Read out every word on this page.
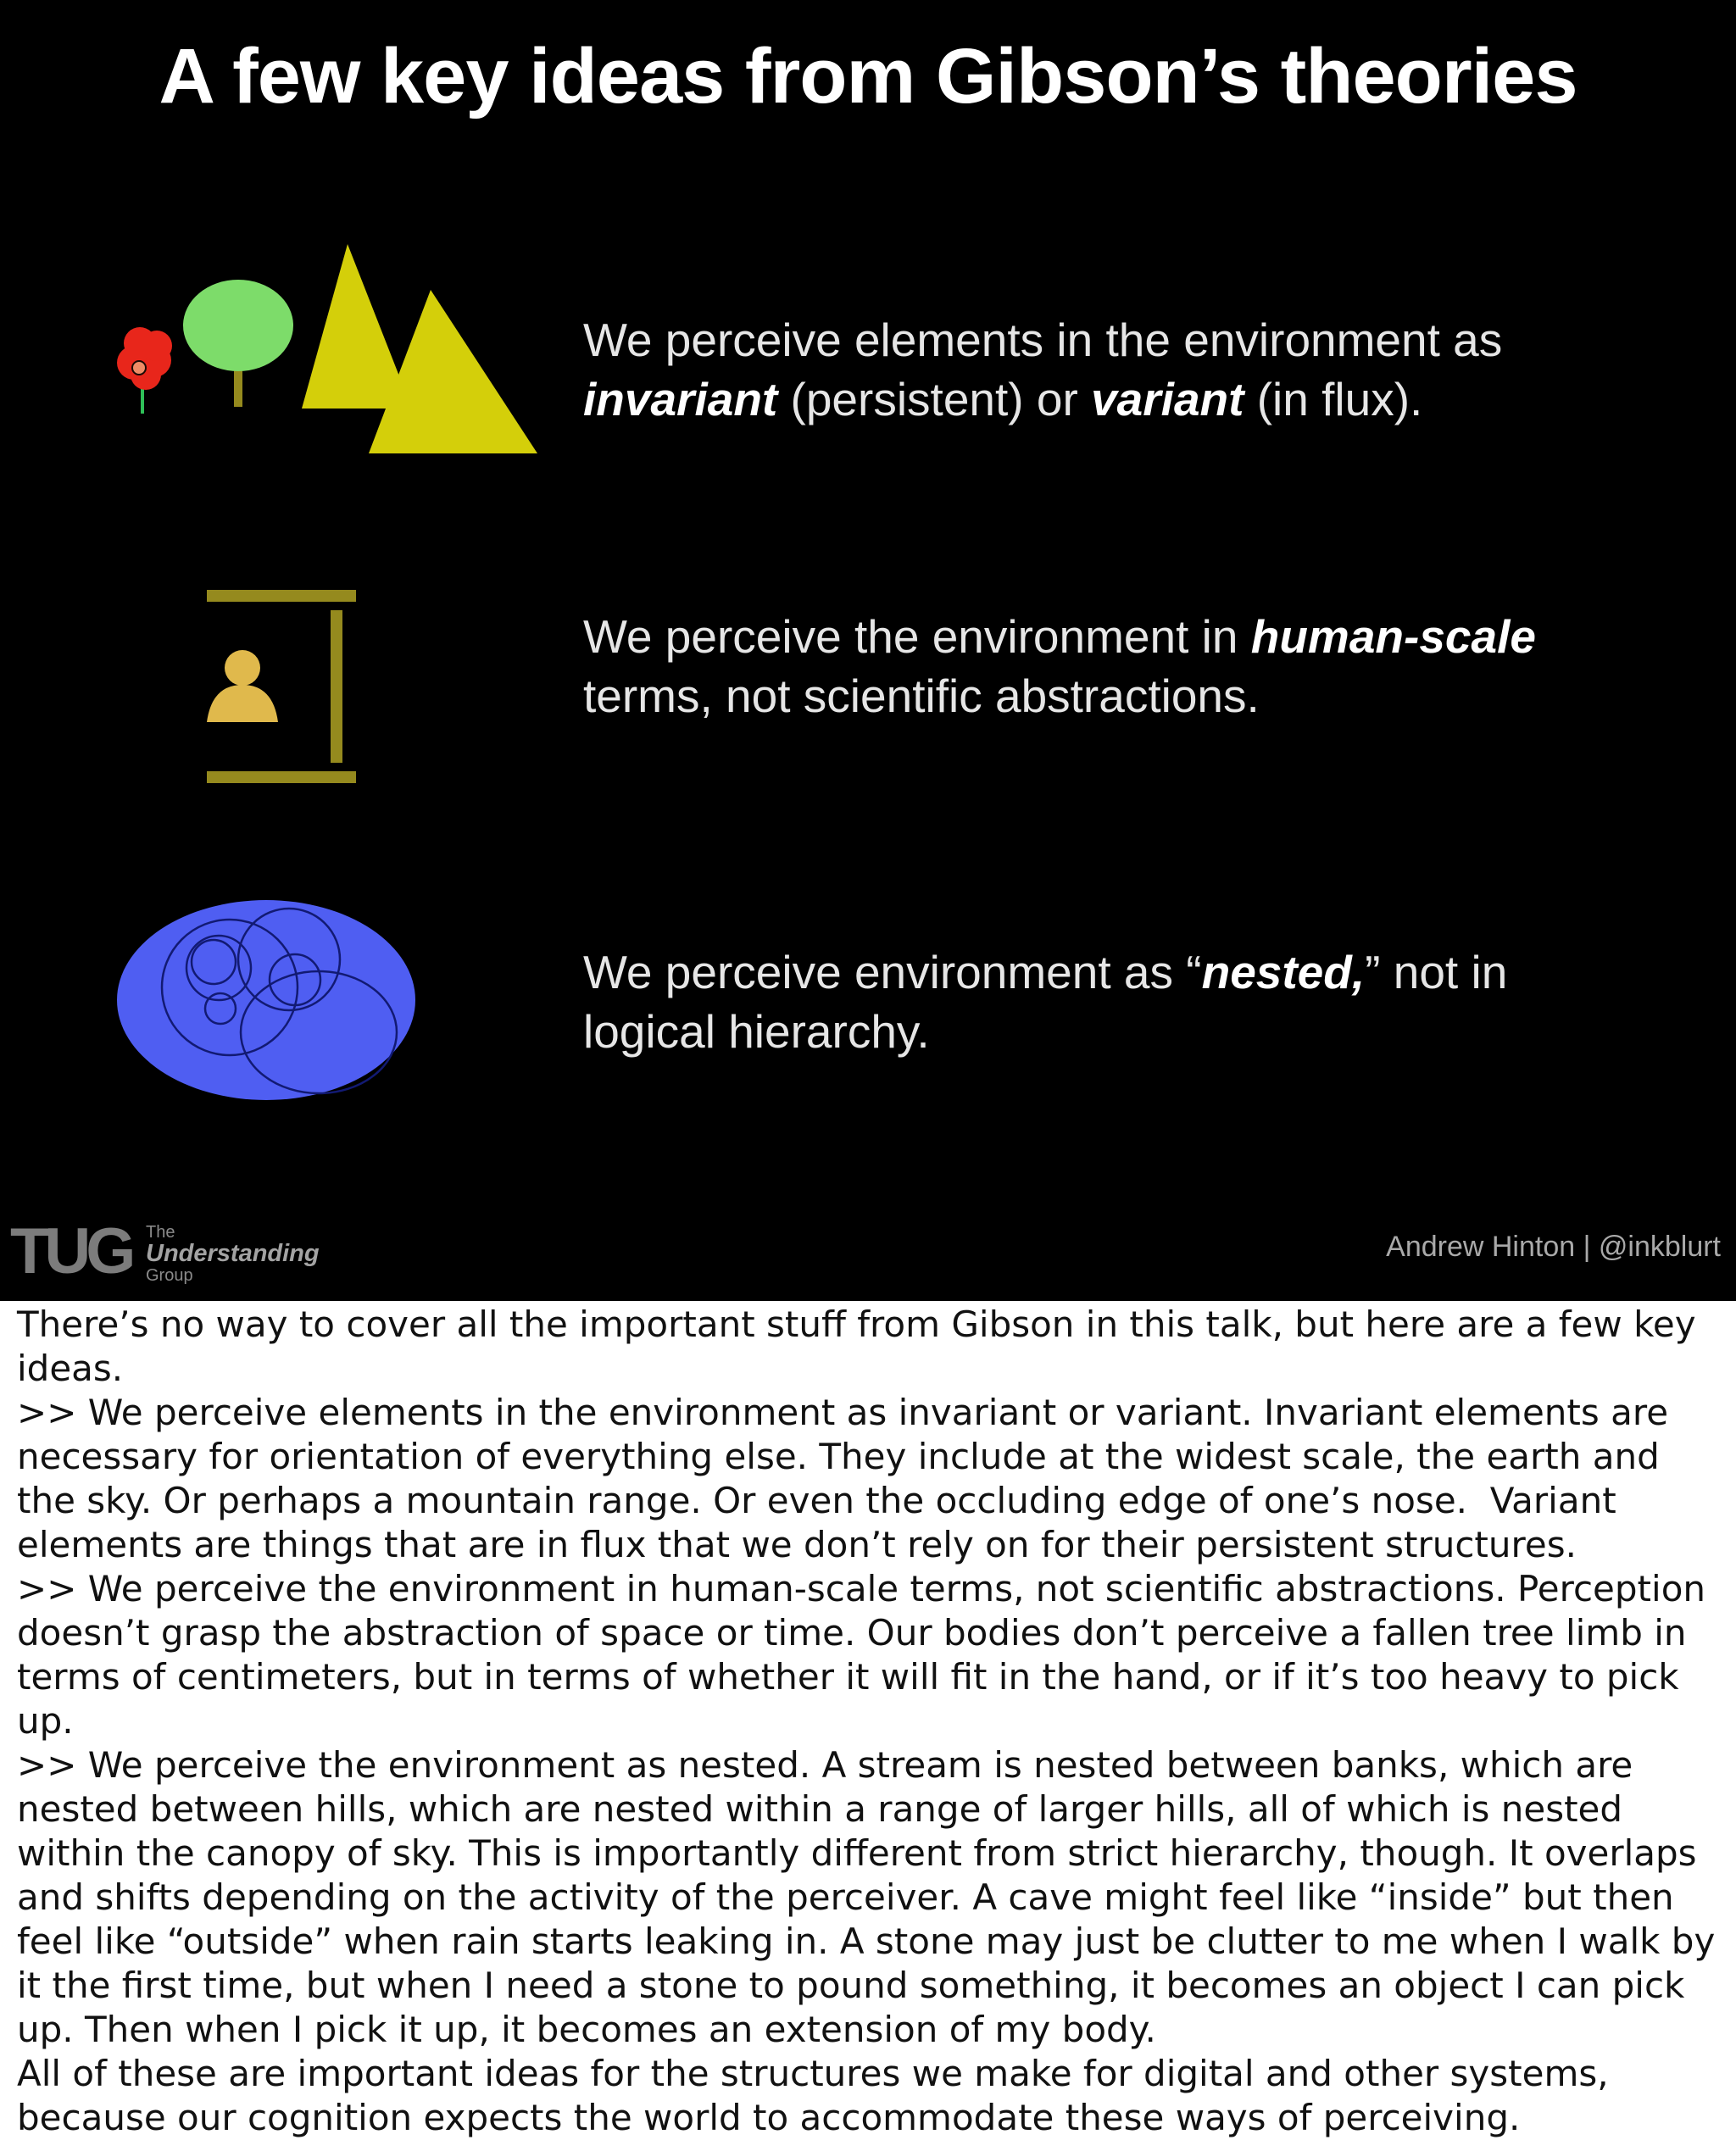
A few key ideas from Gibson’s theories

We perceive elements in the environment as invariant (persistent) or variant (in flux).

We perceive the environment in human-scale terms, not scientific abstractions.

We perceive environment as “nested,” not in logical hierarchy.

TUG The
Understanding
Group

Andrew Hinton | @inkblurt

There’s no way to cover all the important stuff from Gibson in this talk, but here are a few key ideas.

>> We perceive elements in the environment as invariant or variant. Invariant elements are necessary for orientation of everything else. They include at the widest scale, the earth and the sky. Or perhaps a mountain range. Or even the occluding edge of one’s nose.  Variant elements are things that are in flux that we don’t rely on for their persistent structures.

>> We perceive the environment in human-scale terms, not scientific abstractions. Perception doesn’t grasp the abstraction of space or time. Our bodies don’t perceive a fallen tree limb in terms of centimeters, but in terms of whether it will fit in the hand, or if it’s too heavy to pick up.

>> We perceive the environment as nested. A stream is nested between banks, which are nested between hills, which are nested within a range of larger hills, all of which is nested within the canopy of sky. This is importantly different from strict hierarchy, though. It overlaps and shifts depending on the activity of the perceiver. A cave might feel like “inside” but then feel like “outside” when rain starts leaking in. A stone may just be clutter to me when I walk by it the first time, but when I need a stone to pound something, it becomes an object I can pick up. Then when I pick it up, it becomes an extension of my body.

All of these are important ideas for the structures we make for digital and other systems, because our cognition expects the world to accommodate these ways of perceiving.
